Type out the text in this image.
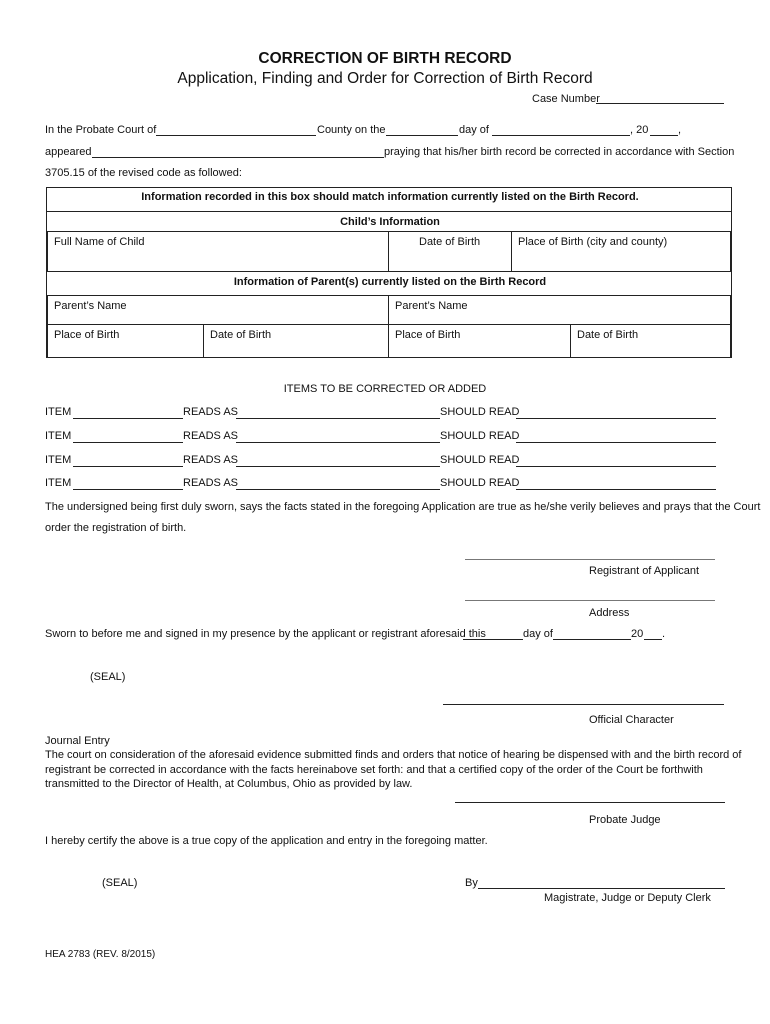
CORRECTION OF BIRTH RECORD
Application, Finding and Order for Correction of Birth Record
Case Number
In the Probate Court of	County on the	day of	, 20	,
appeared	praying that his/her birth record be corrected in accordance with Section
3705.15 of the revised code as followed:
Information recorded in this box should match information currently listed on the Birth Record.
Child’s Information
Full Name of Child	Date of Birth	Place of Birth (city and county)
Information of Parent(s) currently listed on the Birth Record
Parent’s Name	Parent’s Name
Place of Birth	Date of Birth	Place of Birth	Date of Birth
ITEMS TO BE CORRECTED OR ADDED
ITEM	READS AS	SHOULD READ
ITEM	READS AS	SHOULD READ
ITEM	READS AS	SHOULD READ
ITEM	READS AS	SHOULD READ
The undersigned being first duly sworn, says the facts stated in the foregoing Application are true as he/she verily believes and prays that the Court
order the registration of birth.
Registrant of Applicant
Address
Sworn to before me and signed in my presence by the applicant or registrant aforesaid this	day of	20 .
(SEAL)
Official Character
Journal Entry
The court on consideration of the aforesaid evidence submitted finds and orders that notice of hearing be dispensed with and the birth record of
registrant be corrected in accordance with the facts hereinabove set forth: and that a certified copy of the order of the Court be forthwith
transmitted to the Director of Health, at Columbus, Ohio as provided by law.
Probate Judge
I hereby certify the above is a true copy of the application and entry in the foregoing matter.
(SEAL)	By
Magistrate, Judge or Deputy Clerk
HEA 2783 (REV. 8/2015)
